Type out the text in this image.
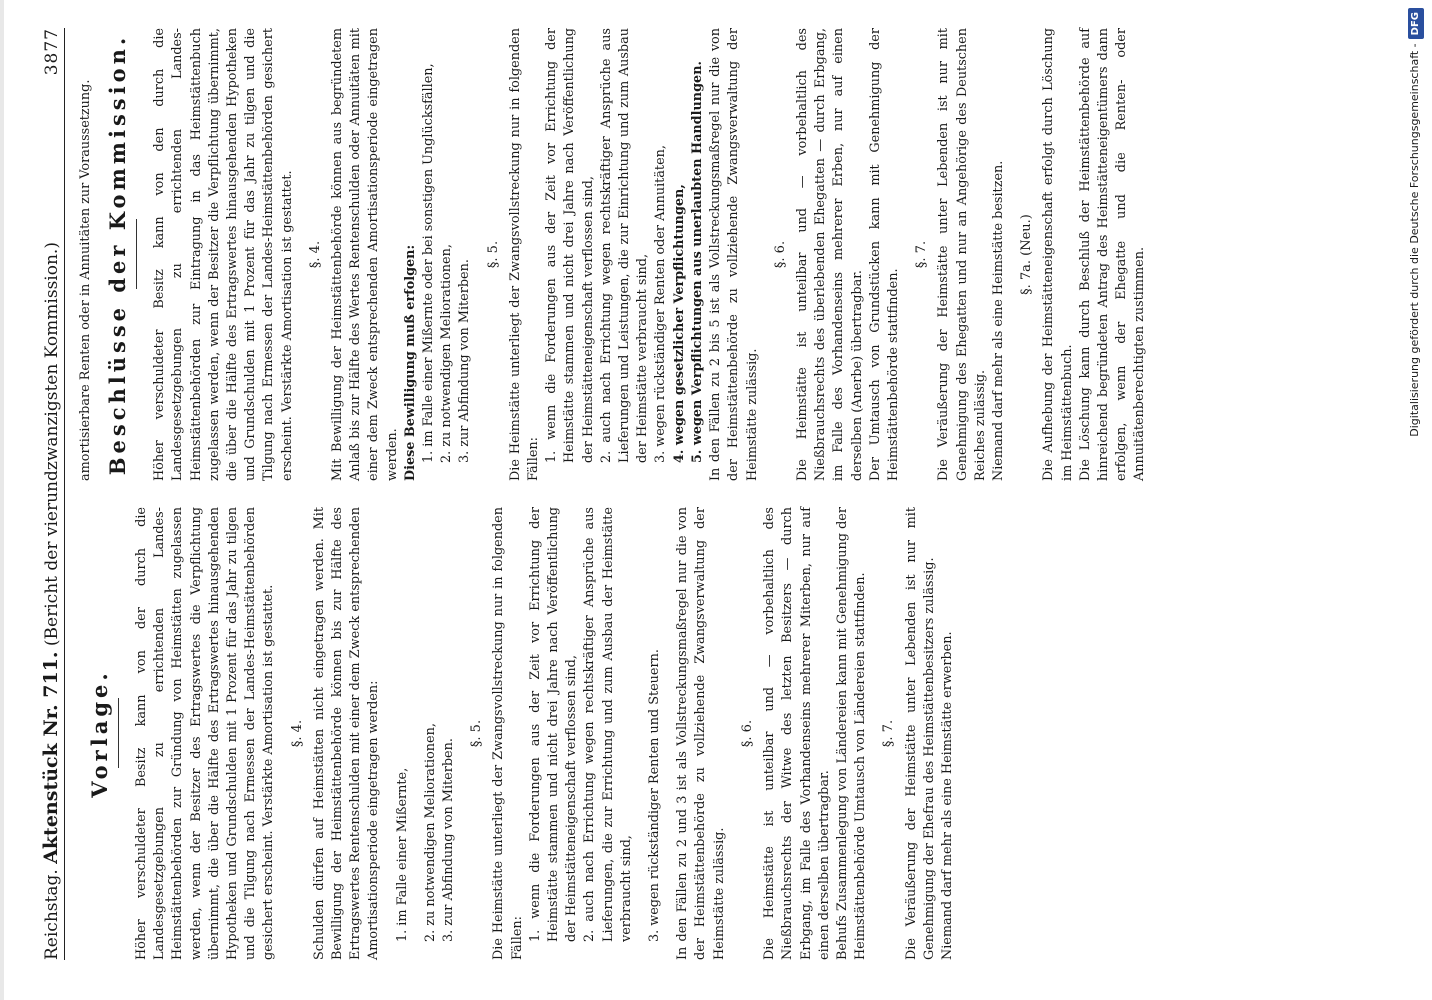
Reichstag. Aktenstück Nr. 711. (Bericht der vierundzwanzigsten Kommission.)
3877
Vorlage. Höher verschuldeter Besitz kann von der durch die Landesgesetzgebungen zu errichtenden Landes-Heimstättenbehörden zur Gründung von Heimstätten zugelassen werden, wenn der Besitzer des Ertragswertes die Verpflichtung übernimmt, die über die Hälfte des Ertragswertes hinausgehenden Hypotheken und Grundschulden mit 1 Prozent für das Jahr zu tilgen und die Tilgung nach Ermessen der Landes-Heimstättenbehörden gesichert erscheint. Verstärkte Amortisation ist gestattet. §. 4. Schulden dürfen auf Heimstätten nicht eingetragen werden. Mit Bewilligung der Heimstättenbehörde können bis zur Hälfte des Ertragswertes Rentenschulden mit einer dem Zweck entsprechenden Amortisationsperiode eingetragen werden: 1. im Falle einer Mißernte, 2. zu notwendigen Meliorationen, 3. zur Abfindung von Miterben.
§. 5. Die Heimstätte unterliegt der Zwangsvollstreckung nur in folgenden Fällen: 1. wenn die Forderungen aus der Zeit vor Errichtung der Heimstätte stammen und nicht drei Jahre nach Veröffentlichung der Heimstätteneigenschaft verflossen sind, 2. auch nach Errichtung wegen rechtskräftiger Ansprüche aus Lieferungen, die zur Errichtung und zum Ausbau der Heimstätte verbraucht sind, 3. wegen rückständiger Renten und Steuern. In den Fällen zu 2 und 3 ist als Vollstreckungsmaßregel nur die von der Heimstättenbehörde zu vollziehende Zwangsverwaltung der Heimstätte zulässig.
§. 6. Die Heimstätte ist unteilbar und — vorbehaltlich des Nießbrauchsrechts der Witwe des letzten Besitzers — durch Erbgang, im Falle des Vorhandenseins mehrerer Miterben, nur auf einen derselben übertragbar. Behufs Zusammenlegung von Ländereien kann mit Genehmigung der Heimstättenbehörde Umtausch von Ländereien stattfinden. §. 7. Die Veräußerung der Heimstätte unter Lebenden ist nur mit Genehmigung der Ehefrau des Heimstättenbesitzers zulässig. Niemand darf mehr als eine Heimstätte erwerben.
amortisierbare Renten oder in Annuitäten zur Voraussetzung. Beschlüsse der Kommission. Höher verschuldeter Besitz kann von den durch die Landesgesetzgebungen zu errichtenden Landes-Heimstättenbehörden zur Eintragung in das Heimstättenbuch zugelassen werden, wenn der Besitzer die Verpflichtung übernimmt, die über die Hälfte des Ertragswertes hinausgehenden Hypotheken und Grundschulden mit 1 Prozent für das Jahr zu tilgen und die Tilgung nach Ermessen der Landes-Heimstättenbehörden gesichert erscheint. Verstärkte Amortisation ist gestattet. §. 4. Mit Bewilligung der Heimstättenbehörde können aus begründetem Anlaß bis zur Hälfte des Wertes Rentenschulden oder Annuitäten mit einer dem Zweck entsprechenden Amortisationsperiode eingetragen werden. Diese Bewilligung muß erfolgen: 1. im Falle einer Mißernte oder bei sonstigen Unglücksfällen, 2. zu notwendigen Meliorationen, 3. zur Abfindung von Miterben.
§. 5. Die Heimstätte unterliegt der Zwangsvollstreckung nur in folgenden Fällen: 1. wenn die Forderungen aus der Zeit vor Errichtung der Heimstätte stammen und nicht drei Jahre nach Veröffentlichung der Heimstätteneigenschaft verflossen sind, 2. auch nach Errichtung wegen rechtskräftiger Ansprüche aus Lieferungen und Leistungen, die zur Einrichtung und zum Ausbau der Heimstätte verbraucht sind, 3. wegen rückständiger Renten oder Annuitäten, 4. wegen gesetzlicher Verpflichtungen, 5. wegen Verpflichtungen aus unerlaubten Handlungen. In den Fällen zu 2 bis 5 ist als Vollstreckungsmaßregel nur die von der Heimstättenbehörde zu vollziehende Zwangsverwaltung der Heimstätte zulässig.
§. 6. Die Heimstätte ist unteilbar und — vorbehaltlich des Nießbrauchsrechts des überlebenden Ehegatten — durch Erbgang, im Falle des Vorhandenseins mehrerer Erben, nur auf einen derselben (Anerbe) übertragbar. Der Umtausch von Grundstücken kann mit Genehmigung der Heimstättenbehörde stattfinden.
§. 7. Die Veräußerung der Heimstätte unter Lebenden ist nur mit Genehmigung des Ehegatten und nur an Angehörige des Deutschen Reiches zulässig. Niemand darf mehr als eine Heimstätte besitzen. §. 7a. (Neu.) Die Aufhebung der Heimstätteneigenschaft erfolgt durch Löschung im Heimstättenbuch. Die Löschung kann durch Beschluß der Heimstättenbehörde auf hinreichend begründeten Antrag des Heimstätteneigentümers dann erfolgen, wenn der Ehegatte und die Renten- oder Annuitätenberechtigten zustimmen.	Digitalisierung gefördert durch die Deutsche Forschungsgemeinschaft -DFG
